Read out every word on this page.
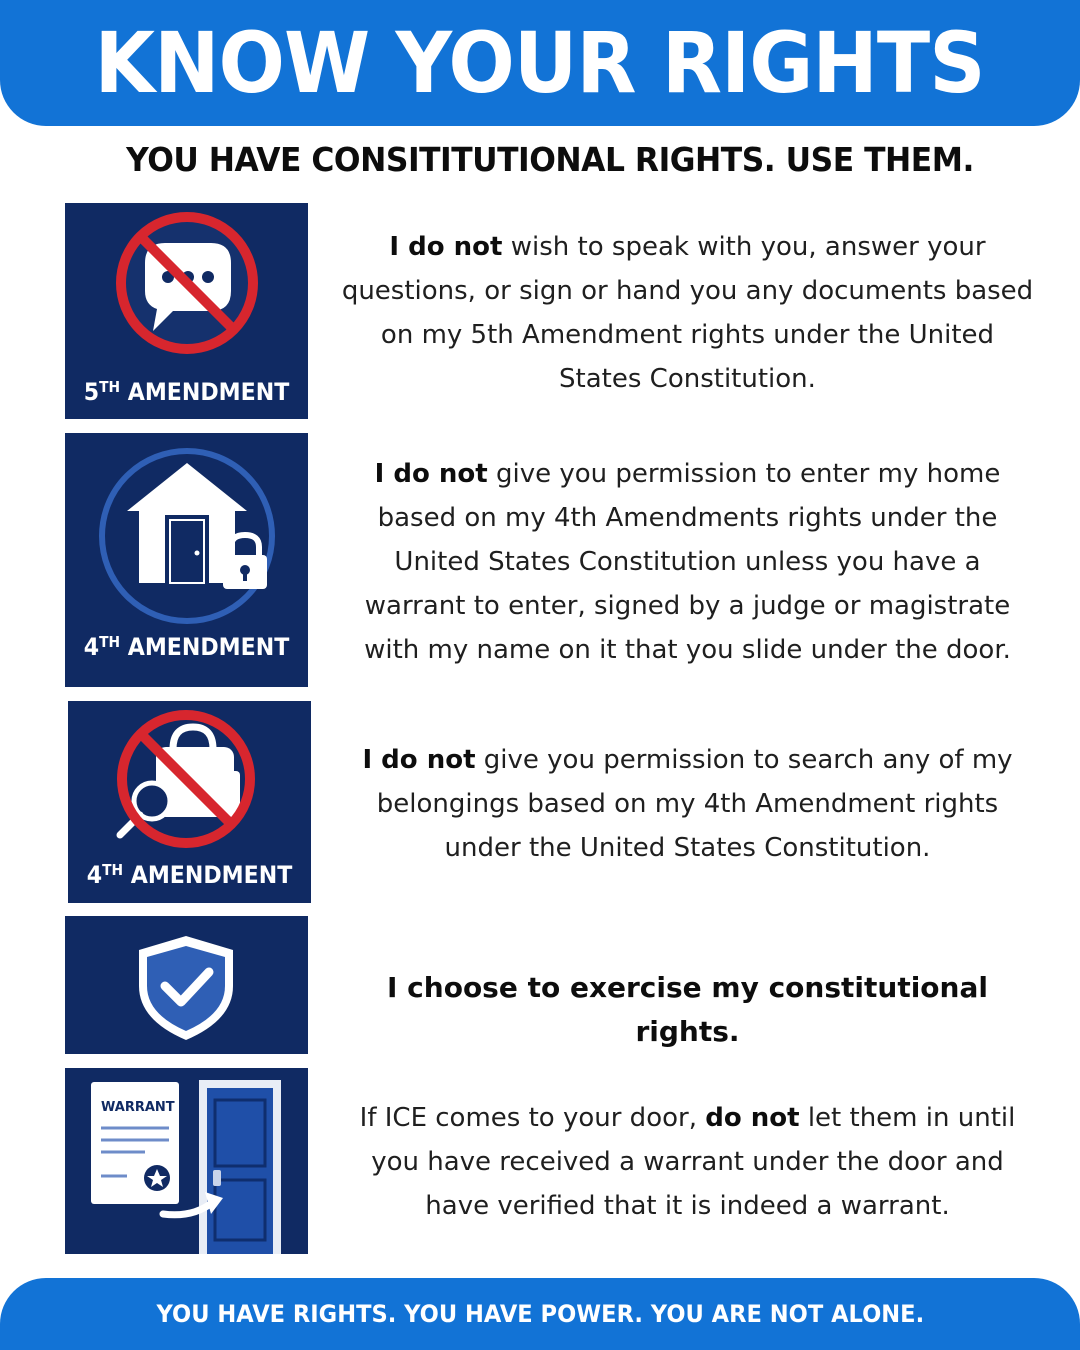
KNOW YOUR RIGHTS
YOU HAVE CONSITITUTIONAL RIGHTS. USE THEM.
5TH AMENDMENT
I do not wish to speak with you, answer your questions, or sign or hand you any documents based on my 5th Amendment rights under the United States Constitution.
4TH AMENDMENT
I do not give you permission to enter my home based on my 4th Amendments rights under the United States Constitution unless you have a warrant to enter, signed by a judge or magistrate with my name on it that you slide under the door.
4TH AMENDMENT
I do not give you permission to search any of my belongings based on my 4th Amendment rights under the United States Constitution.
I choose to exercise my constitutional rights.
WARRANT	If ICE comes to your door, do not let them in until you have received a warrant under the door and have verified that it is indeed a warrant.
YOU HAVE RIGHTS. YOU HAVE POWER. YOU ARE NOT ALONE.
